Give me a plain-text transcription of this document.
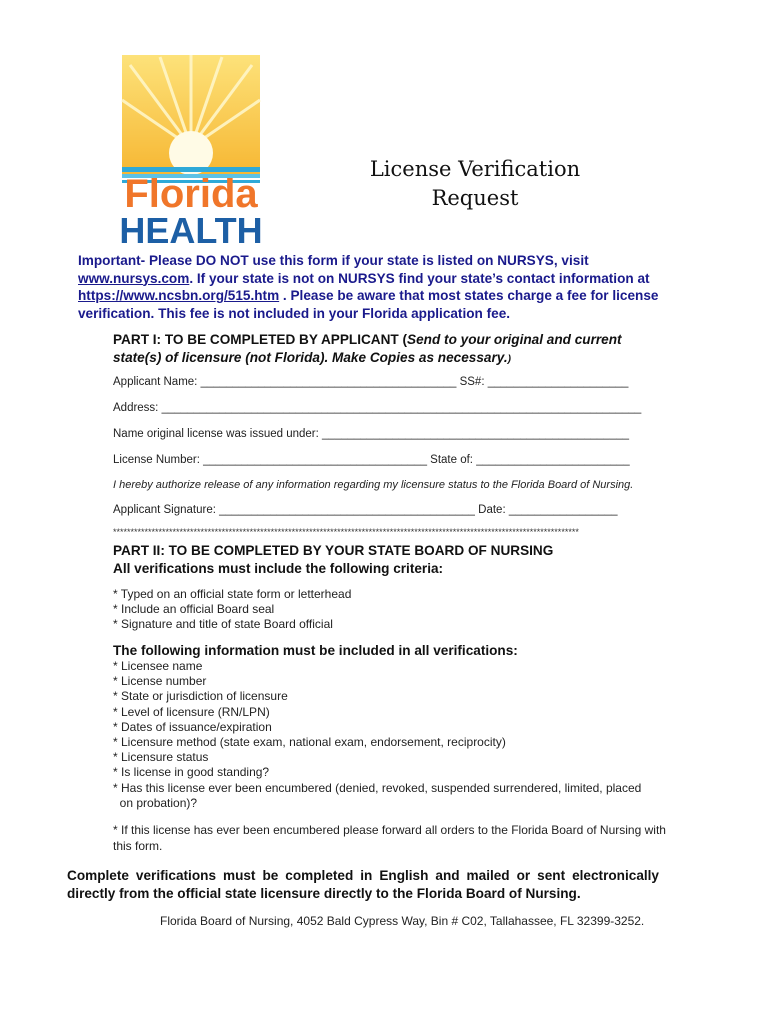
Florida
HEALTH
License Verification
Request
Important- Please DO NOT use this form if your state is listed on NURSYS, visit
www.nursys.com. If your state is not on NURSYS find your state’s contact information at
https://www.ncsbn.org/515.htm . Please be aware that most states charge a fee for license verification. This fee is not included in your Florida application fee.
PART I: TO BE COMPLETED BY APPLICANT (Send to your original and current state(s) of licensure (not Florida). Make Copies as necessary.)
Applicant Name: ________________________________________ SS#: ______________________
Address: ___________________________________________________________________________
Name original license was issued under: ________________________________________________
License Number: ___________________________________ State of: ________________________
I hereby authorize release of any information regarding my licensure status to the Florida Board of Nursing.
Applicant Signature: ________________________________________ Date: _________________
*************************************************************************************************************************************
PART II: TO BE COMPLETED BY YOUR STATE BOARD OF NURSING
All verifications must include the following criteria:
* Typed on an official state form or letterhead
* Include an official Board seal
* Signature and title of state Board official
The following information must be included in all verifications:
* Licensee name
* License number
* State or jurisdiction of licensure
* Level of licensure (RN/LPN)
* Dates of issuance/expiration
* Licensure method (state exam, national exam, endorsement, reciprocity)
* Licensure status
* Is license in good standing?
* Has this license ever been encumbered (denied, revoked, suspended surrendered, limited, placed
on probation)?
* If this license has ever been encumbered please forward all orders to the Florida Board of Nursing with this form.
Complete verifications must be completed in English and mailed or sent electronically directly from the official state licensure directly to the Florida Board of Nursing.
Florida Board of Nursing, 4052 Bald Cypress Way, Bin # C02, Tallahassee, FL 32399-3252.
